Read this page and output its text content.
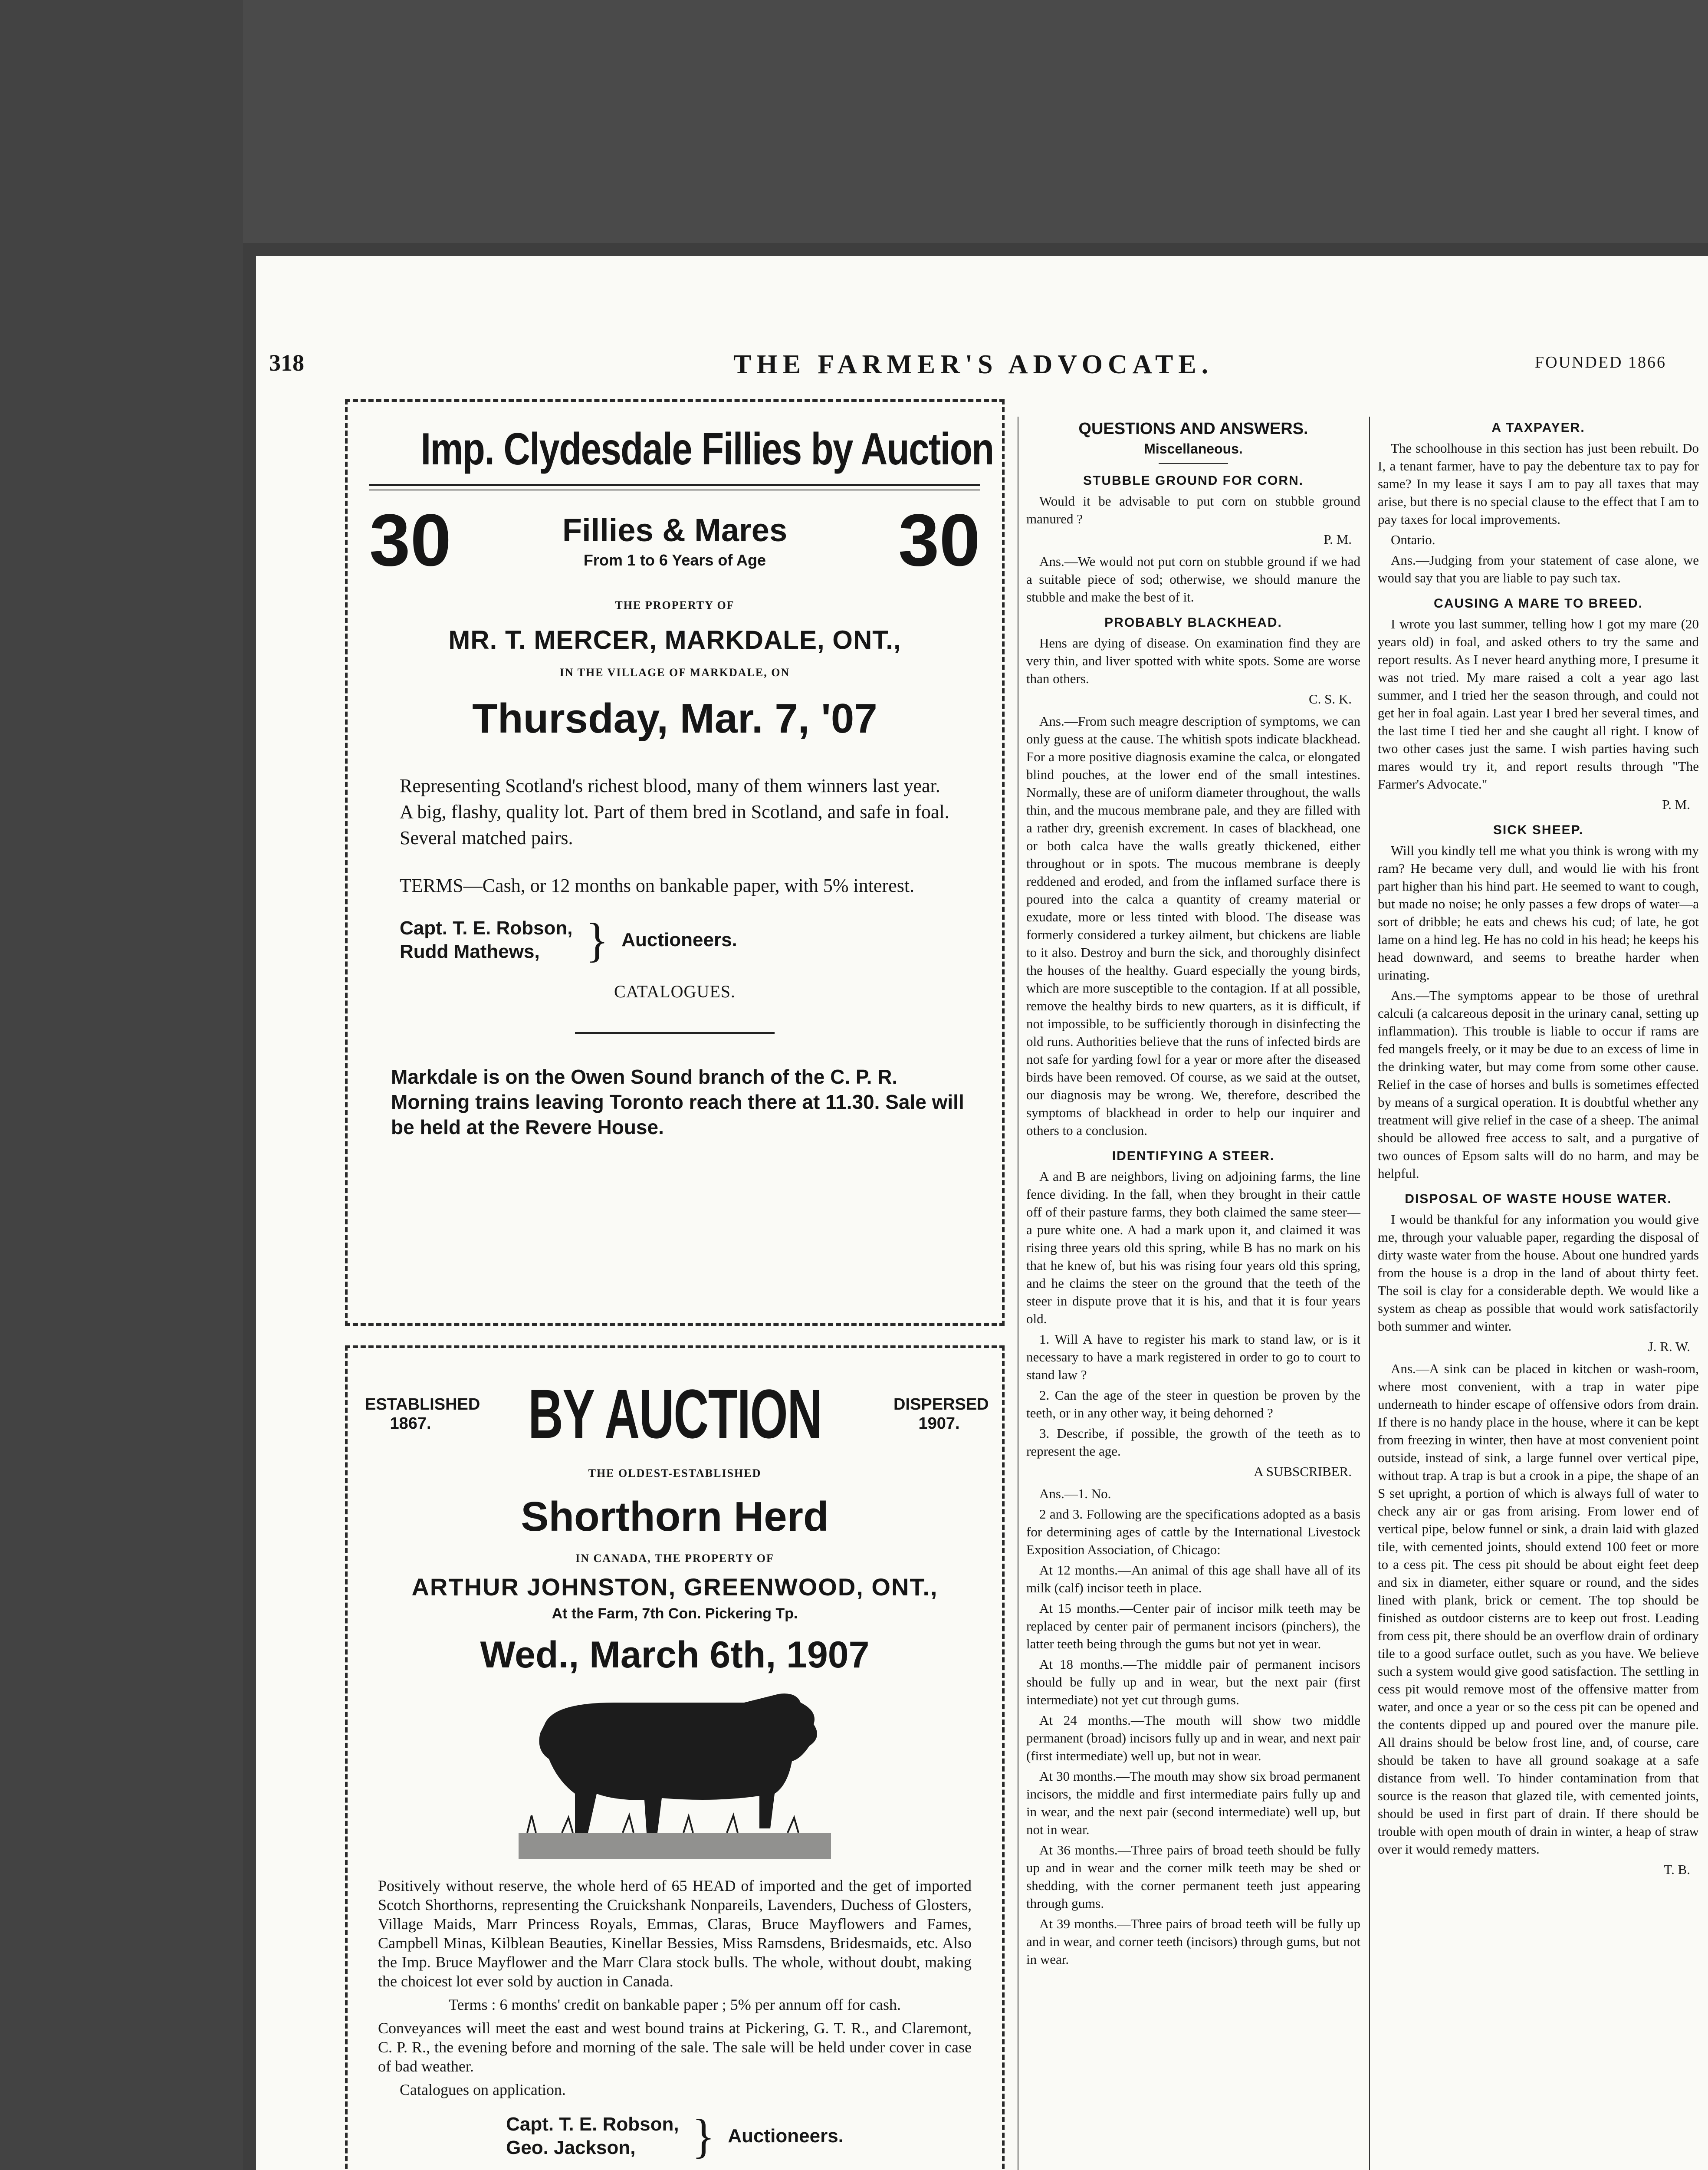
318	THE FARMER'S ADVOCATE.	FOUNDED 1866
Imp. Clydesdale Fillies by Auction
30	Fillies & Mares
From 1 to 6 Years of Age 30
THE PROPERTY OF
MR. T. MERCER, MARKDALE, ONT.,
IN THE VILLAGE OF MARKDALE, ON
Thursday, Mar. 7, '07
Representing Scotland's richest blood, many of them winners last year. A big, flashy, quality lot. Part of them bred in Scotland, and safe in foal. Several matched pairs.
TERMS—Cash, or 12 months on bankable paper, with 5% interest.
Capt. T. E. Robson,
Rudd Mathews, } Auctioneers.
CATALOGUES.
Markdale is on the Owen Sound branch of the C. P. R. Morning trains leaving Toronto reach there at 11.30. Sale will be held at the Revere House.
ESTABLISHED 1867.	BY AUCTION	DISPERSED 1907.
THE OLDEST-ESTABLISHED
Shorthorn Herd
IN CANADA, THE PROPERTY OF
ARTHUR JOHNSTON, GREENWOOD, ONT.,
At the Farm, 7th Con. Pickering Tp.
Wed., March 6th, 1907
Positively without reserve, the whole herd of 65 HEAD of imported and the get of imported Scotch Shorthorns, representing the Cruickshank Nonpareils, Lavenders, Duchess of Glosters, Village Maids, Marr Princess Royals, Emmas, Claras, Bruce Mayflowers and Fames, Campbell Minas, Kilblean Beauties, Kinellar Bessies, Miss Ramsdens, Bridesmaids, etc. Also the Imp. Bruce Mayflower and the Marr Clara stock bulls. The whole, without doubt, making the choicest lot ever sold by auction in Canada.
Terms : 6 months' credit on bankable paper ; 5% per annum off for cash.
Conveyances will meet the east and west bound trains at Pickering, G. T. R., and Claremont, C. P. R., the evening before and morning of the sale. The sale will be held under cover in case of bad weather.
Catalogues on application.
Capt. T. E. Robson,
Geo. Jackson,	} Auctioneers.
QUESTIONS AND ANSWERS.
Miscellaneous.
STUBBLE GROUND FOR CORN.

Would it be advisable to put corn on stubble ground manured ?

P. M.

Ans.—We would not put corn on stubble ground if we had a suitable piece of sod; otherwise, we should manure the stubble and make the best of it.

PROBABLY BLACKHEAD.

Hens are dying of disease. On examination find they are very thin, and liver spotted with white spots. Some are worse than others.

C. S. K.

Ans.—From such meagre description of symptoms, we can only guess at the cause. The whitish spots indicate blackhead. For a more positive diagnosis examine the calca, or elongated blind pouches, at the lower end of the small intestines. Normally, these are of uniform diameter throughout, the walls thin, and the mucous membrane pale, and they are filled with a rather dry, greenish excrement. In cases of blackhead, one or both calca have the walls greatly thickened, either throughout or in spots. The mucous membrane is deeply reddened and eroded, and from the inflamed surface there is poured into the calca a quantity of creamy material or exudate, more or less tinted with blood. The disease was formerly considered a turkey ailment, but chickens are liable to it also. Destroy and burn the sick, and thoroughly disinfect the houses of the healthy. Guard especially the young birds, which are more susceptible to the contagion. If at all possible, remove the healthy birds to new quarters, as it is difficult, if not impossible, to be sufficiently thorough in disinfecting the old runs. Authorities believe that the runs of infected birds are not safe for yarding fowl for a year or more after the diseased birds have been removed. Of course, as we said at the outset, our diagnosis may be wrong. We, therefore, described the symptoms of blackhead in order to help our inquirer and others to a conclusion.

IDENTIFYING A STEER.

A and B are neighbors, living on adjoining farms, the line fence dividing. In the fall, when they brought in their cattle off of their pasture farms, they both claimed the same steer—a pure white one. A had a mark upon it, and claimed it was rising three years old this spring, while B has no mark on his that he knew of, but his was rising four years old this spring, and he claims the steer on the ground that the teeth of the steer in dispute prove that it is his, and that it is four years old.

1. Will A have to register his mark to stand law, or is it necessary to have a mark registered in order to go to court to stand law ?

2. Can the age of the steer in question be proven by the teeth, or in any other way, it being dehorned ?

3. Describe, if possible, the growth of the teeth as to represent the age.

A SUBSCRIBER.

Ans.—1. No.

2 and 3. Following are the specifications adopted as a basis for determining ages of cattle by the International Livestock Exposition Association, of Chicago:

At 12 months.—An animal of this age shall have all of its milk (calf) incisor teeth in place.

At 15 months.—Center pair of incisor milk teeth may be replaced by center pair of permanent incisors (pinchers), the latter teeth being through the gums but not yet in wear.

At 18 months.—The middle pair of permanent incisors should be fully up and in wear, but the next pair (first intermediate) not yet cut through gums.

At 24 months.—The mouth will show two middle permanent (broad) incisors fully up and in wear, and next pair (first intermediate) well up, but not in wear.

At 30 months.—The mouth may show six broad permanent incisors, the middle and first intermediate pairs fully up and in wear, and the next pair (second intermediate) well up, but not in wear.

At 36 months.—Three pairs of broad teeth should be fully up and in wear and the corner milk teeth may be shed or shedding, with the corner permanent teeth just appearing through gums.

At 39 months.—Three pairs of broad teeth will be fully up and in wear, and corner teeth (incisors) through gums, but not in wear.

A TAXPAYER.

The schoolhouse in this section has just been rebuilt. Do I, a tenant farmer, have to pay the debenture tax to pay for same? In my lease it says I am to pay all taxes that may arise, but there is no special clause to the effect that I am to pay taxes for local improvements.

Ontario.

Ans.—Judging from your statement of case alone, we would say that you are liable to pay such tax.

CAUSING A MARE TO BREED.

I wrote you last summer, telling how I got my mare (20 years old) in foal, and asked others to try the same and report results. As I never heard anything more, I presume it was not tried. My mare raised a colt a year ago last summer, and I tried her the season through, and could not get her in foal again. Last year I bred her several times, and the last time I tied her and she caught all right. I know of two other cases just the same. I wish parties having such mares would try it, and report results through "The Farmer's Advocate."

P. M.
SICK SHEEP.

Will you kindly tell me what you think is wrong with my ram? He became very dull, and would lie with his front part higher than his hind part. He seemed to want to cough, but made no noise; he only passes a few drops of water—a sort of dribble; he eats and chews his cud; of late, he got lame on a hind leg. He has no cold in his head; he keeps his head downward, and seems to breathe harder when urinating.

Ans.—The symptoms appear to be those of urethral calculi (a calcareous deposit in the urinary canal, setting up inflammation). This trouble is liable to occur if rams are fed mangels freely, or it may be due to an excess of lime in the drinking water, but may come from some other cause. Relief in the case of horses and bulls is sometimes effected by means of a surgical operation. It is doubtful whether any treatment will give relief in the case of a sheep. The animal should be allowed free access to salt, and a purgative of two ounces of Epsom salts will do no harm, and may be helpful.

DISPOSAL OF WASTE HOUSE WATER.

I would be thankful for any information you would give me, through your valuable paper, regarding the disposal of dirty waste water from the house. About one hundred yards from the house is a drop in the land of about thirty feet. The soil is clay for a considerable depth. We would like a system as cheap as possible that would work satisfactorily both summer and winter.

J. R. W.

Ans.—A sink can be placed in kitchen or wash-room, where most convenient, with a trap in water pipe underneath to hinder escape of offensive odors from drain. If there is no handy place in the house, where it can be kept from freezing in winter, then have at most convenient point outside, instead of sink, a large funnel over vertical pipe, without trap. A trap is but a crook in a pipe, the shape of an S set upright, a portion of which is always full of water to check any air or gas from arising. From lower end of vertical pipe, below funnel or sink, a drain laid with glazed tile, with cemented joints, should extend 100 feet or more to a cess pit. The cess pit should be about eight feet deep and six in diameter, either square or round, and the sides lined with plank, brick or cement. The top should be finished as outdoor cisterns are to keep out frost. Leading from cess pit, there should be an overflow drain of ordinary tile to a good surface outlet, such as you have. We believe such a system would give good satisfaction. The settling in cess pit would remove most of the offensive matter from water, and once a year or so the cess pit can be opened and the contents dipped up and poured over the manure pile. All drains should be below frost line, and, of course, care should be taken to have all ground soakage at a safe distance from well. To hinder contamination from that source is the reason that glazed tile, with cemented joints, should be used in first part of drain. If there should be trouble with open mouth of drain in winter, a heap of straw over it would remedy matters.

T. B.
